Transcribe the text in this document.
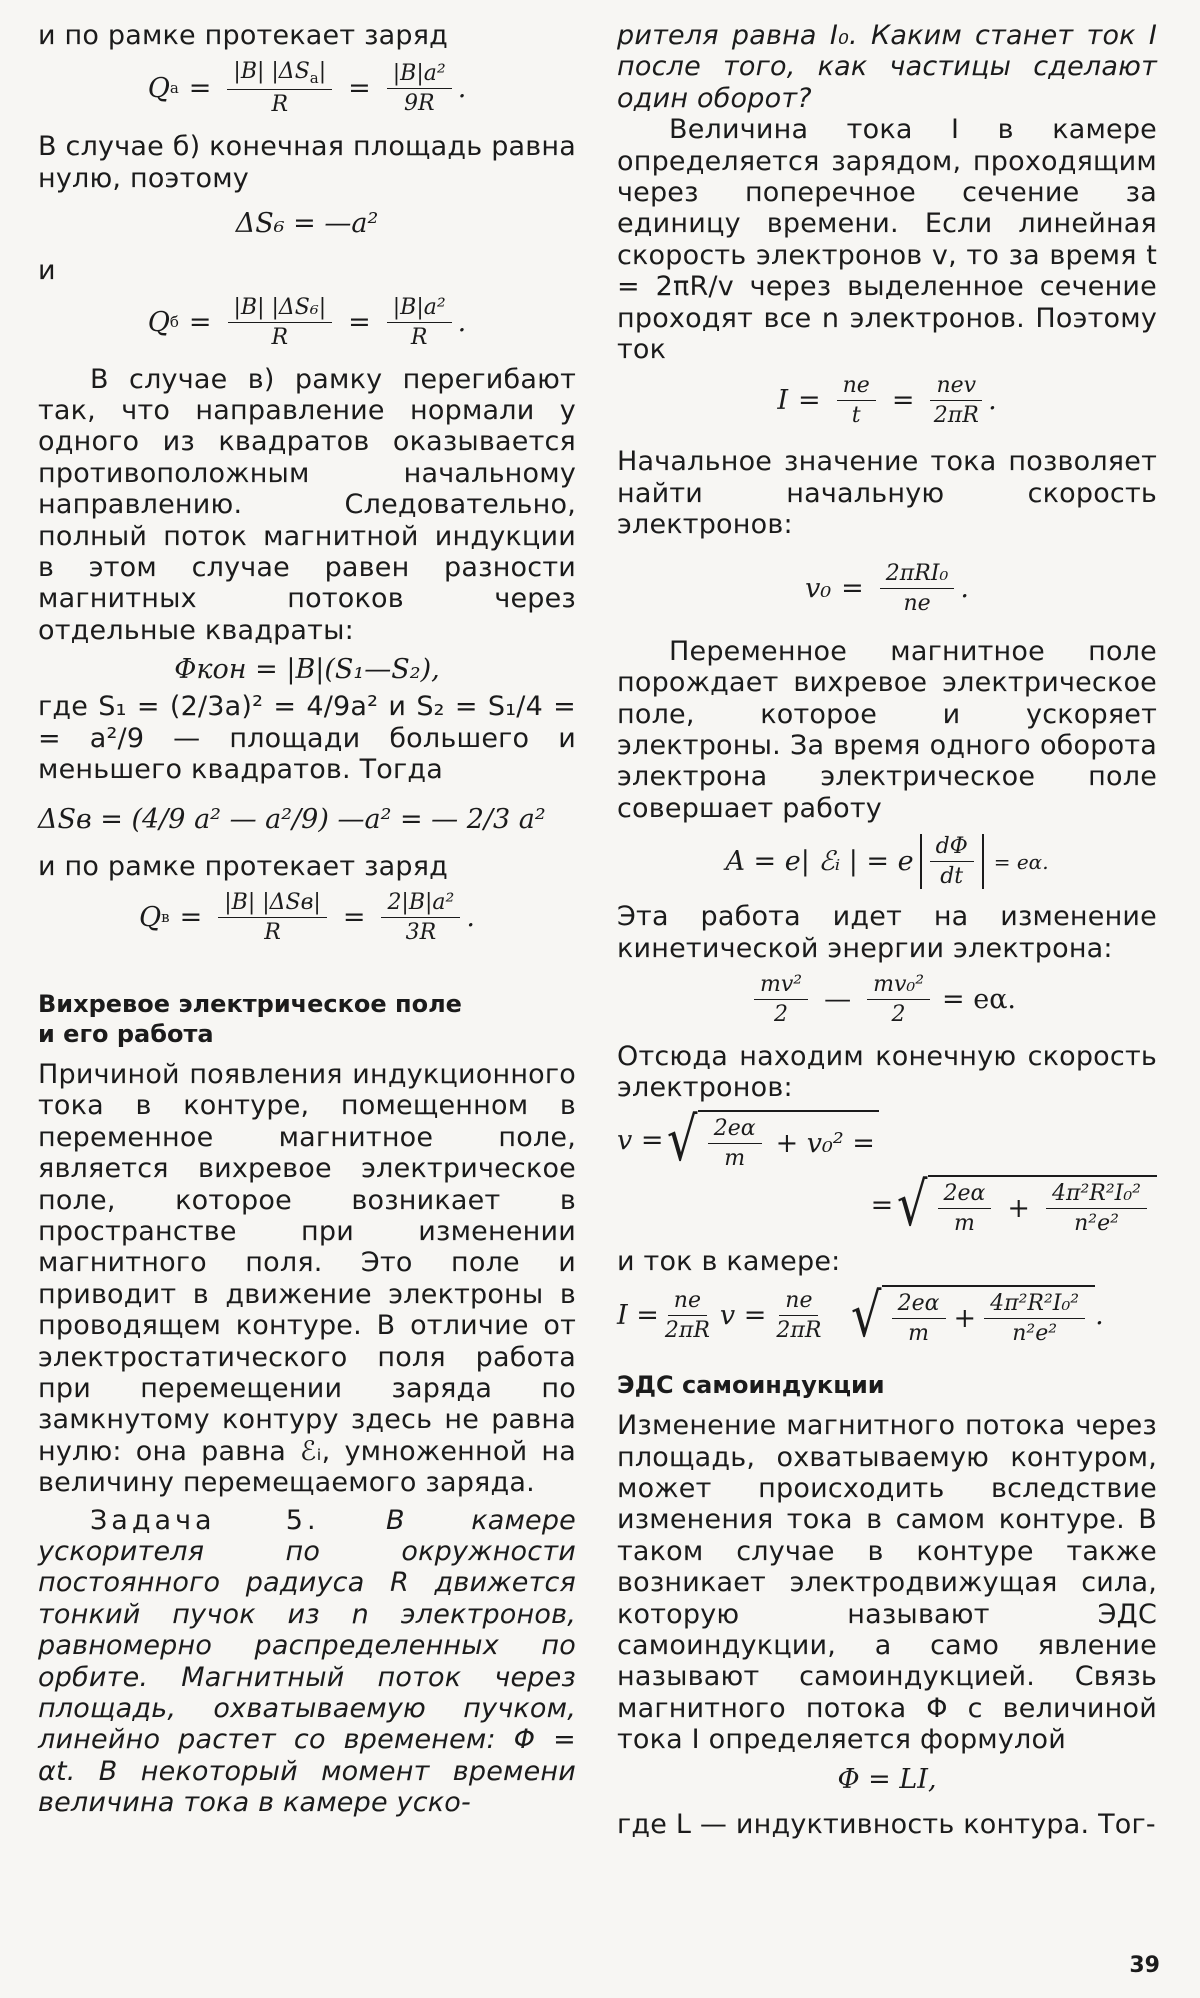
и по рамке протекает заряд

Q $а = \frac{|B| |\Delta S_а|}{R} = \frac{\text{|B|a²}}{9R}$ .

В случае б) конечная площадь равна нулю, поэтому

ΔS₆ = —a²

и

Q $б = \frac{\text{|B| |ΔS₆|}}{R} = \frac{\text{|B|a²}}{R}$ .

В случае в) рамку перегибают так, что направление нормали у одного из квадратов оказывается противоположным начальному направлению. Следовательно, полный поток магнитной индукции в этом случае равен разности магнитных потоков через отдельные квадраты:

Φкон = |B|(S₁—S₂),

где S₁ = (2/3a)² = 4/9a² и S₂ = S₁/4 = = a²/9 — площади большего и меньшего квадратов. Тогда

ΔSв = (4/9 a² — a²/9) —a² = — 2/3 a²

и по рамке протекает заряд

Q $в = \frac{\text{|B| |ΔSв|}}{R} = \frac{\text{2|B|a²}}{3R}$ .
Вихревое электрическое поле и его работа

Причиной появления индукционного тока в контуре, помещенном в переменное магнитное поле, является вихревое электрическое поле, которое возникает в пространстве при изменении магнитного поля. Это поле и приводит в движение электроны в проводящем контуре. В отличие от электростатического поля работа при перемещении заряда по замкнутому контуру здесь не равна нулю: она равна ℰᵢ, умноженной на величину перемещаемого заряда.

Задача 5. В камере ускорителя по окружности постоянного радиуса R движется тонкий пучок из n электронов, равномерно распределенных по орбите. Магнитный поток через площадь, охватываемую пучком, линейно растет со временем: Φ = αt. В некоторый момент времени величина тока в камере уско-

рителя равна I₀. Каким станет ток I после того, как частицы сделают один оборот?

Величина тока I в камере определяется зарядом, проходящим через поперечное сечение за единицу времени. Если линейная скорость электронов v, то за время t = 2πR/v через выделенное сечение проходят все n электронов. Поэтому ток

$I = \frac{ne}{t} = \frac{\text{nev}}{2\pi R}$ .

Начальное значение тока позволяет найти начальную скорость электронов:

$v_0 = \frac{\text{2πRI₀}}{ne}$ .

Переменное магнитное поле порождает вихревое электрическое поле, которое и ускоряет электроны. За время одного оборота электрона электрическое поле совершает работу

A = e| ℰᵢ | = e $\frac{d\Phi}{dt} = e\alpha$.

Эта работа идет на изменение кинетической энергии электрона:

$\frac{\text{mv²}}{2}$ — $\frac{\text{mv₀²}}{2} = e\alpha$.

Отсюда находим конечную скорость электронов:

v = √ $\frac{2e\alpha}{m} + v_0^2$ =
= √ $\frac{2e\alpha}{m} + \frac{\text{4π²R²I₀²}}{\text{n²e²}}$

и ток в камере:

$I = \frac{ne}{2\pi R}$ $v = \frac{ne}{2\pi R}$ √ $\frac{2e\alpha}{m} + \frac{\text{4π²R²I₀²}}{\text{n²e²}}$ .
ЭДС самоиндукции

Изменение магнитного потока через площадь, охватываемую контуром, может происходить вследствие изменения тока в самом контуре. В таком случае в контуре также возникает электродвижущая сила, которую называют ЭДС самоиндукции, а само явление называют самоиндукцией. Связь магнитного потока Φ с величиной тока I определяется формулой

Φ = LI,

где L — индуктивность контура. Тог-

39
